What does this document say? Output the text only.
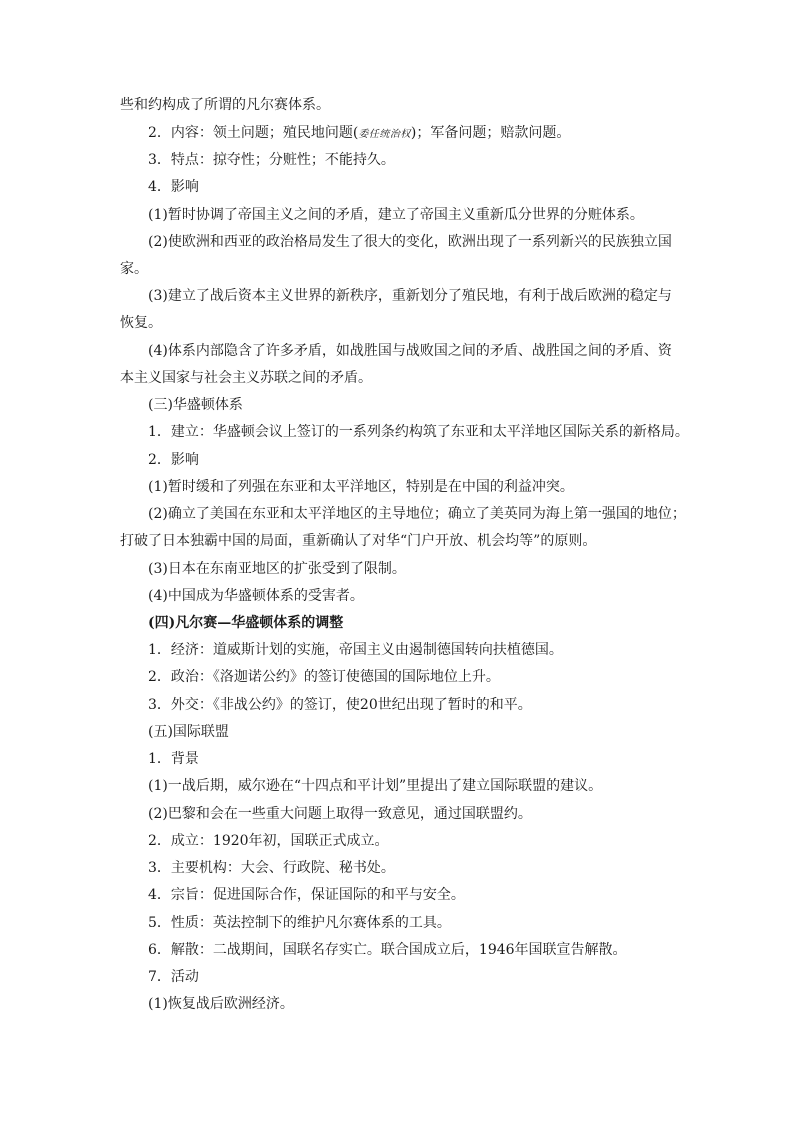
些和约构成了所谓的凡尔赛体系。
2．内容：领土问题；殖民地问题(委任统治权)；军备问题；赔款问题。
3．特点：掠夺性；分赃性；不能持久。
4．影响
(1)暂时协调了帝国主义之间的矛盾，建立了帝国主义重新瓜分世界的分赃体系。
(2)使欧洲和西亚的政治格局发生了很大的变化，欧洲出现了一系列新兴的民族独立国
家。
(3)建立了战后资本主义世界的新秩序，重新划分了殖民地，有利于战后欧洲的稳定与
恢复。
(4)体系内部隐含了许多矛盾，如战胜国与战败国之间的矛盾、战胜国之间的矛盾、资
本主义国家与社会主义苏联之间的矛盾。
(三)华盛顿体系
1．建立：华盛顿会议上签订的一系列条约构筑了东亚和太平洋地区国际关系的新格局。
2．影响
(1)暂时缓和了列强在东亚和太平洋地区，特别是在中国的利益冲突。
(2)确立了美国在东亚和太平洋地区的主导地位；确立了美英同为海上第一强国的地位；
打破了日本独霸中国的局面，重新确认了对华“门户开放、机会均等”的原则。
(3)日本在东南亚地区的扩张受到了限制。
(4)中国成为华盛顿体系的受害者。
(四)凡尔赛—华盛顿体系的调整
1．经济：道威斯计划的实施，帝国主义由遏制德国转向扶植德国。
2．政治：《洛迦诺公约》的签订使德国的国际地位上升。
3．外交：《非战公约》的签订，使20世纪出现了暂时的和平。
(五)国际联盟
1．背景
(1)一战后期，威尔逊在“十四点和平计划”里提出了建立国际联盟的建议。
(2)巴黎和会在一些重大问题上取得一致意见，通过国联盟约。
2．成立：1920年初，国联正式成立。
3．主要机构：大会、行政院、秘书处。
4．宗旨：促进国际合作，保证国际的和平与安全。
5．性质：英法控制下的维护凡尔赛体系的工具。
6．解散：二战期间，国联名存实亡。联合国成立后，1946年国联宣告解散。
7．活动
(1)恢复战后欧洲经济。
